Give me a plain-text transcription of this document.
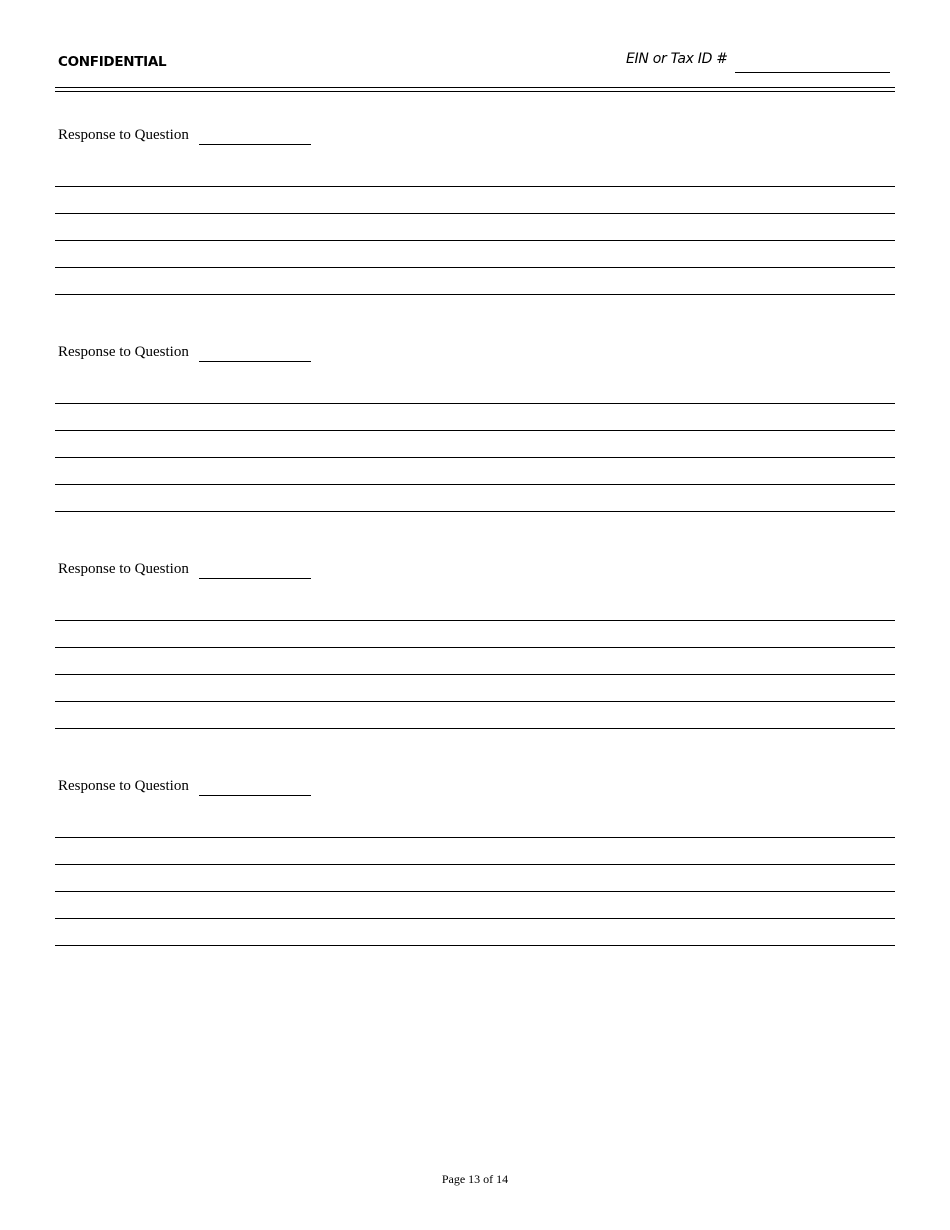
CONFIDENTIAL	EIN or Tax ID #
Response to Question
Response to Question
Response to Question
Response to Question
Page 13 of 14
